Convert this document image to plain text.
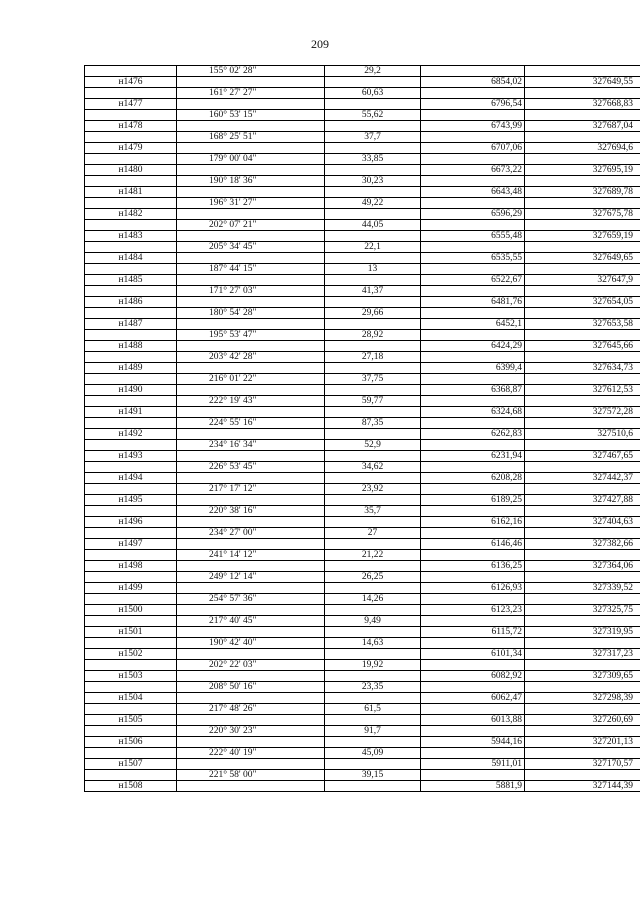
209
	155° 02' 28"	29,2		
н1476			6854,02	327649,55
	161° 27' 27"	60,63		
н1477			6796,54	327668,83
	160° 53' 15"	55,62		
н1478			6743,99	327687,04
	168° 25' 51"	37,7		
н1479			6707,06	327694,6
	179° 00' 04"	33,85		
н1480			6673,22	327695,19
	190° 18' 36"	30,23		
н1481			6643,48	327689,78
	196° 31' 27"	49,22		
н1482			6596,29	327675,78
	202° 07' 21"	44,05		
н1483			6555,48	327659,19
	205° 34' 45"	22,1		
н1484			6535,55	327649,65
	187° 44' 15"	13		
н1485			6522,67	327647,9
	171° 27' 03"	41,37		
н1486			6481,76	327654,05
	180° 54' 28"	29,66		
н1487			6452,1	327653,58
	195° 53' 47"	28,92		
н1488			6424,29	327645,66
	203° 42' 28"	27,18		
н1489			6399,4	327634,73
	216° 01' 22"	37,75		
н1490			6368,87	327612,53
	222° 19' 43"	59,77		
н1491			6324,68	327572,28
	224° 55' 16"	87,35		
н1492			6262,83	327510,6
	234° 16' 34"	52,9		
н1493			6231,94	327467,65
	226° 53' 45"	34,62		
н1494			6208,28	327442,37
	217° 17' 12"	23,92		
н1495			6189,25	327427,88
	220° 38' 16"	35,7		
н1496			6162,16	327404,63
	234° 27' 00"	27		
н1497			6146,46	327382,66
	241° 14' 12"	21,22		
н1498			6136,25	327364,06
	249° 12' 14"	26,25		
н1499			6126,93	327339,52
	254° 57' 36"	14,26		
н1500			6123,23	327325,75
	217° 40' 45"	9,49		
н1501			6115,72	327319,95
	190° 42' 40"	14,63		
н1502			6101,34	327317,23
	202° 22' 03"	19,92		
н1503			6082,92	327309,65
	208° 50' 16"	23,35		
н1504			6062,47	327298,39
	217° 48' 26"	61,5		
н1505			6013,88	327260,69
	220° 30' 23"	91,7		
н1506			5944,16	327201,13
	222° 40' 19"	45,09		
н1507			5911,01	327170,57
	221° 58' 00"	39,15		
н1508			5881,9	327144,39
